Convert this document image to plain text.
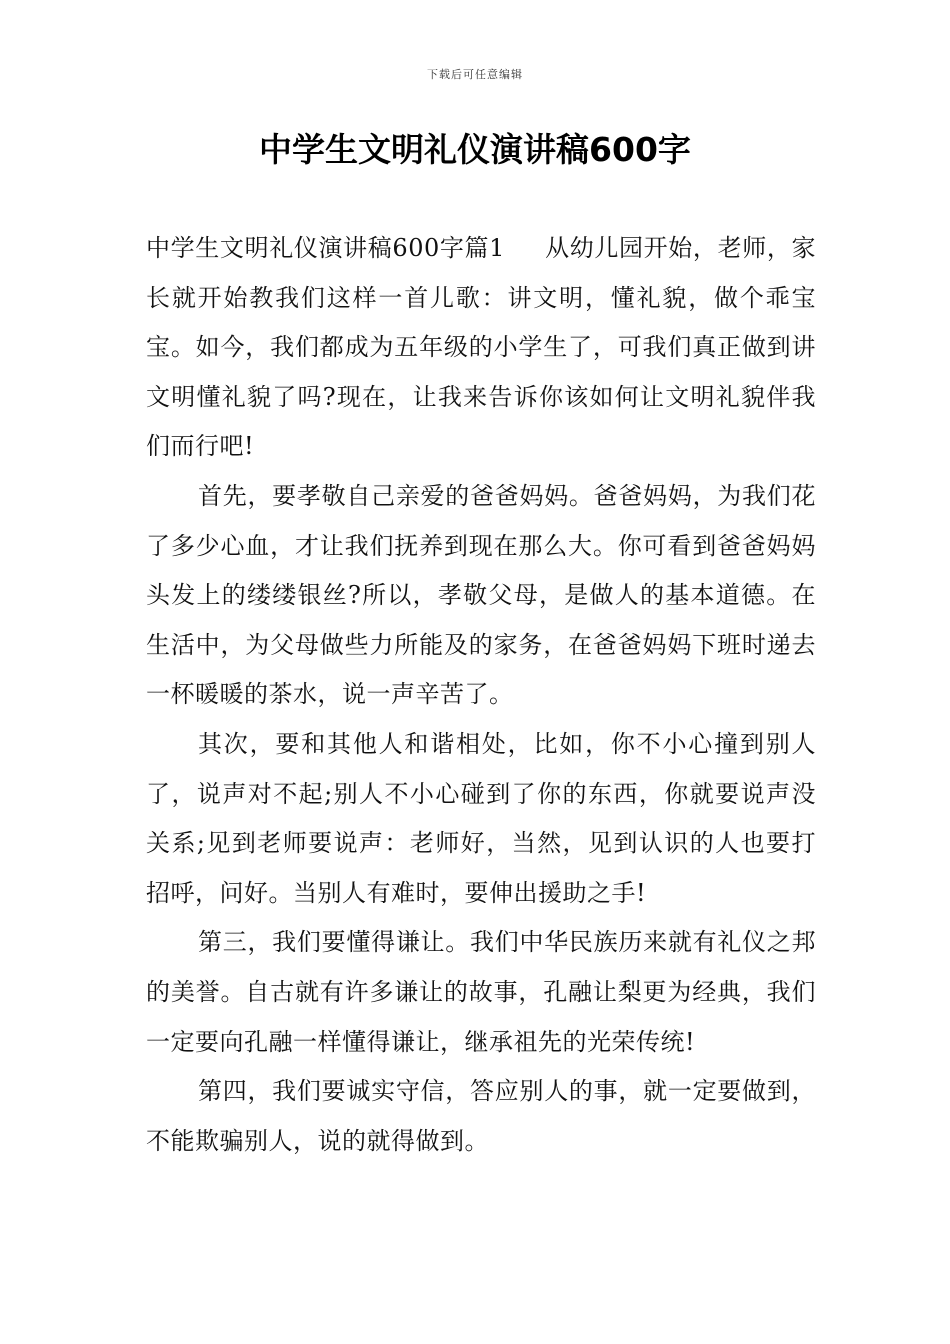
下载后可任意编辑
中学生文明礼仪演讲稿600字

中学生文明礼仪演讲稿600字篇1 从幼儿园开始，老师，家长就开始教我们这样一首儿歌：讲文明，懂礼貌，做个乖宝宝。如今，我们都成为五年级的小学生了，可我们真正做到讲文明懂礼貌了吗?现在，让我来告诉你该如何让文明礼貌伴我们而行吧!

首先，要孝敬自己亲爱的爸爸妈妈。爸爸妈妈，为我们花了多少心血，才让我们抚养到现在那么大。你可看到爸爸妈妈头发上的缕缕银丝?所以，孝敬父母，是做人的基本道德。在生活中，为父母做些力所能及的家务，在爸爸妈妈下班时递去一杯暖暖的茶水，说一声辛苦了。

其次，要和其他人和谐相处，比如，你不小心撞到别人了，说声对不起;别人不小心碰到了你的东西，你就要说声没关系;见到老师要说声：老师好，当然，见到认识的人也要打招呼，问好。当别人有难时，要伸出援助之手!

第三，我们要懂得谦让。我们中华民族历来就有礼仪之邦的美誉。自古就有许多谦让的故事，孔融让梨更为经典，我们一定要向孔融一样懂得谦让，继承祖先的光荣传统!

第四，我们要诚实守信，答应别人的事，就一定要做到，不能欺骗别人，说的就得做到。
